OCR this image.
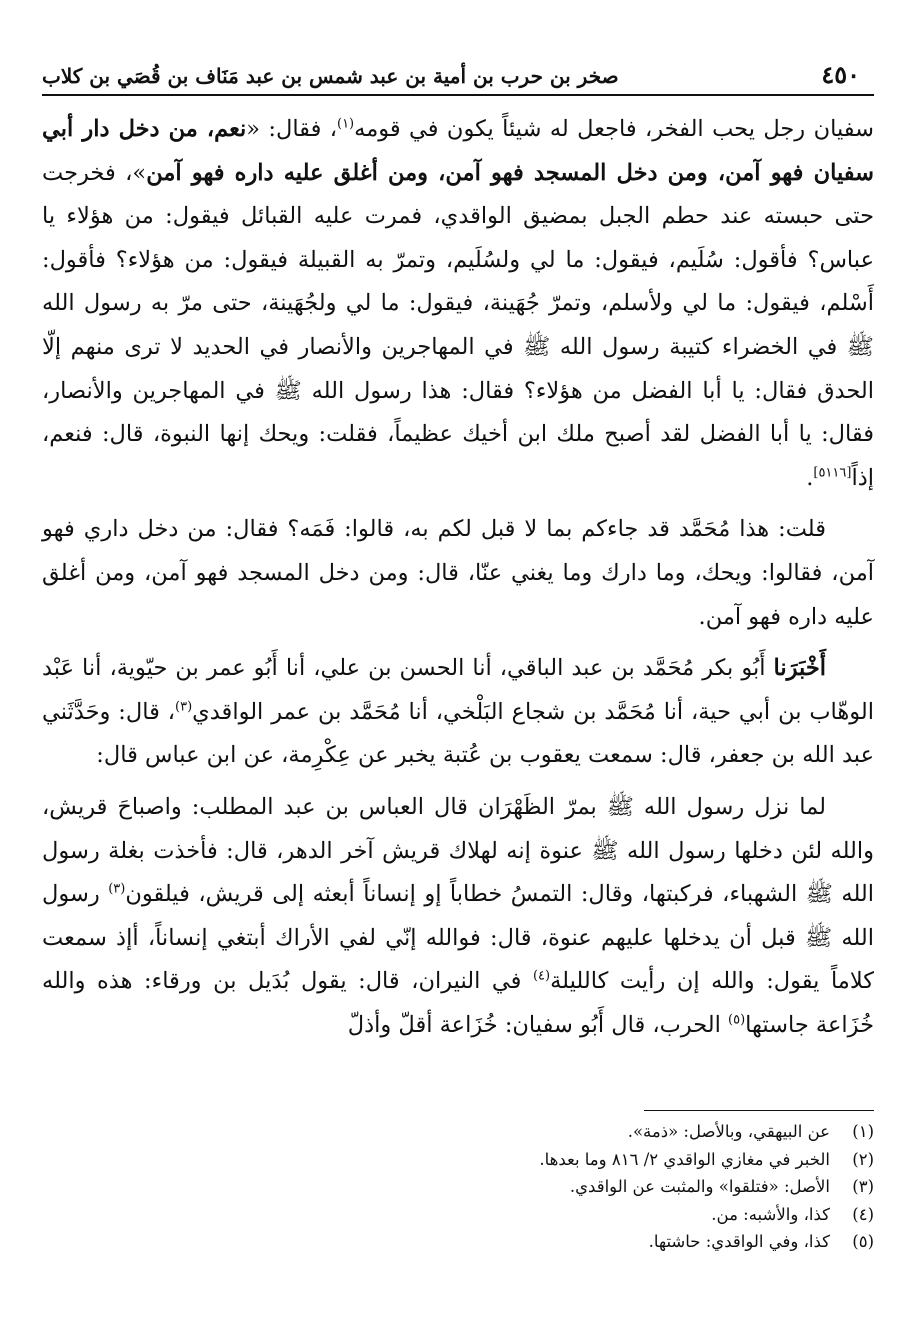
٤٥٠
صخر بن حرب بن أمية بن عبد شمس بن عبد مَنَاف بن قُصَي بن كلاب

سفيان رجل يحب الفخر، فاجعل له شيئاً يكون في قومه$^{(١)}$، فقال: «نعم، من دخل دار أبي سفيان فهو آمن، ومن دخل المسجد فهو آمن، ومن أغلق عليه داره فهو آمن»، فخرجت حتى حبسته عند حطم الجبل بمضيق الواقدي، فمرت عليه القبائل فيقول: من هؤلاء يا عباس؟ فأقول: سُلَيم، فيقول: ما لي ولسُلَيم، وتمرّ به القبيلة فيقول: من هؤلاء؟ فأقول: أَسْلم، فيقول: ما لي ولأسلم، وتمرّ جُهَينة، فيقول: ما لي ولجُهَينة، حتى مرّ به رسول الله ﷺ في الخضراء كتيبة رسول الله ﷺ في المهاجرين والأنصار في الحديد لا ترى منهم إلّا الحدق فقال: يا أبا الفضل من هؤلاء؟ فقال: هذا رسول الله ﷺ في المهاجرين والأنصار، فقال: يا أبا الفضل لقد أصبح ملك ابن أخيك عظيماً، فقلت: ويحك إنها النبوة، قال: فنعم، إذاً[٥١١٦].

قلت: هذا مُحَمَّد قد جاءكم بما لا قبل لكم به، قالوا: فَمَه؟ فقال: من دخل داري فهو آمن، فقالوا: ويحك، وما دارك وما يغني عنّا، قال: ومن دخل المسجد فهو آمن، ومن أغلق عليه داره فهو آمن.

أَخْبَرَنا أَبُو بكر مُحَمَّد بن عبد الباقي، أنا الحسن بن علي، أنا أَبُو عمر بن حيّوية، أنا عَبْد الوهّاب بن أبي حية، أنا مُحَمَّد بن شجاع البَلْخي، أنا مُحَمَّد بن عمر الواقدي$^{(٣)}$، قال: وحَدَّثَني عبد الله بن جعفر، قال: سمعت يعقوب بن عُتبة يخبر عن عِكْرِمة، عن ابن عباس قال:

لما نزل رسول الله ﷺ بمرّ الظَهْرَان قال العباس بن عبد المطلب: واصباحَ قريش، والله لئن دخلها رسول الله ﷺ عنوة إنه لهلاك قريش آخر الدهر، قال: فأخذت بغلة رسول الله ﷺ الشهباء، فركبتها، وقال: التمسُ خطاباً إو إنساناً أبعثه إلى قريش، فيلقون$^{(٣)}$ رسول الله ﷺ قبل أن يدخلها عليهم عنوة، قال: فوالله إنّي لفي الأراك أبتغي إنساناً، أإذ سمعت كلاماً يقول: والله إن رأيت كالليلة$^{(٤)}$ في النيران، قال: يقول بُدَيل بن ورقاء: هذه والله خُزَاعة جاستها$^{(٥)}$ الحرب، قال أَبُو سفيان: خُزَاعة أقلّ وأذلّ

(١)
عن البيهقي، وبالأصل: «ذمة».
(٢)
الخبر في مغازي الواقدي ٢/ ٨١٦ وما بعدها.
(٣)
الأصل: «فتلقوا» والمثبت عن الواقدي.
(٤)
كذا، والأشبه: من.
(٥)
كذا، وفي الواقدي: حاشتها.
